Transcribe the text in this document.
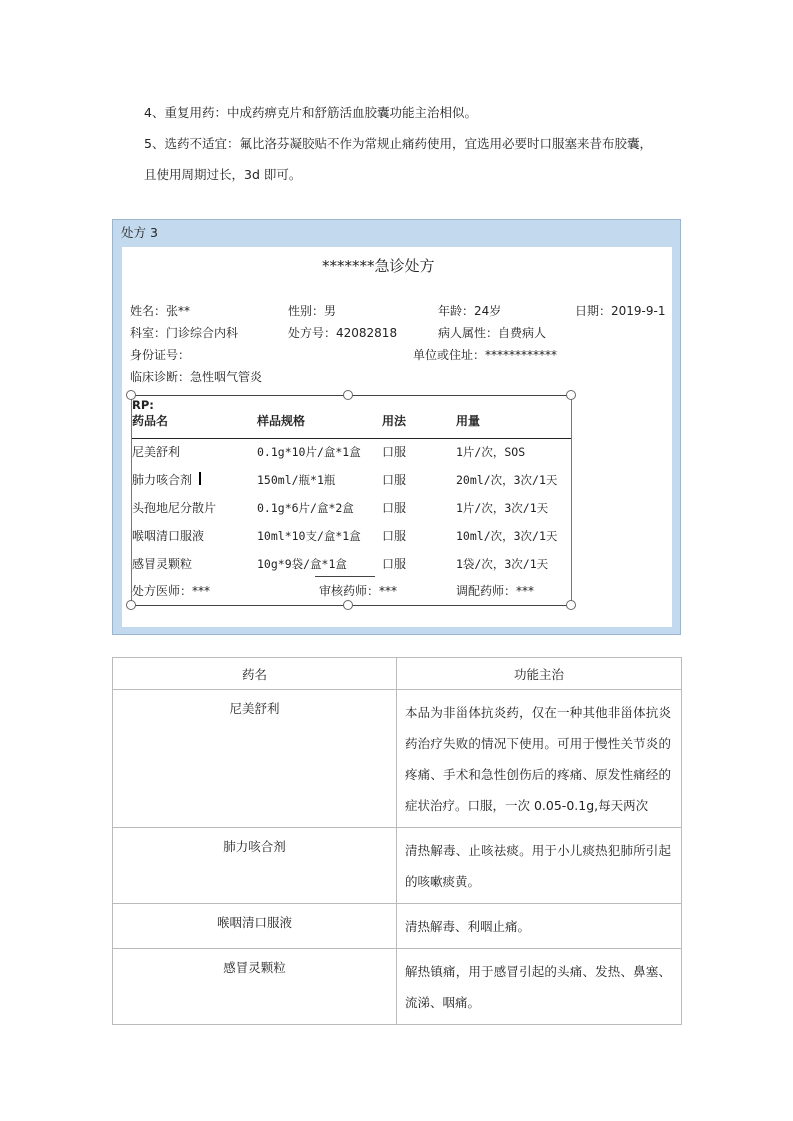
4、重复用药：中成药痹克片和舒筋活血胶囊功能主治相似。
5、选药不适宜：氟比洛芬凝胶贴不作为常规止痛药使用，宜选用必要时口服塞来昔布胶囊，
且使用周期过长，3d 即可。
处方 3
*******急诊处方
姓名：张**	性别：男	年龄：24岁	日期：2019-9-1
科室：门诊综合内科	处方号：42082818	病人属性：自费病人
身份证号：	单位或住址：************
临床诊断：急性咽气管炎
RP:
药品名	样品规格	用法	用量
尼美舒利	0.1g*10片/盒*1盒 口服	1片/次，SOS
肺力咳合剂	150ml/瓶*1瓶	口服	20ml/次，3次/1天
头孢地尼分散片	0.1g*6片/盒*2盒 口服	1片/次，3次/1天
喉咽清口服液	10ml*10支/盒*1盒 口服	10ml/次，3次/1天
感冒灵颗粒	10g*9袋/盒*1盒	口服	1袋/次，3次/1天
处方医师：***	审核药师：***	调配药师：***
药名	功能主治
尼美舒利	本品为非甾体抗炎药，仅在一种其他非甾体抗炎药治疗失败的情况下使用。可用于慢性关节炎的疼痛、手术和急性创伤后的疼痛、原发性痛经的症状治疗。口服，一次 0.05-0.1g,每天两次
肺力咳合剂	清热解毒、止咳祛痰。用于小儿痰热犯肺所引起的咳嗽痰黄。
喉咽清口服液	清热解毒、利咽止痛。
感冒灵颗粒	解热镇痛，用于感冒引起的头痛、发热、鼻塞、流涕、咽痛。
